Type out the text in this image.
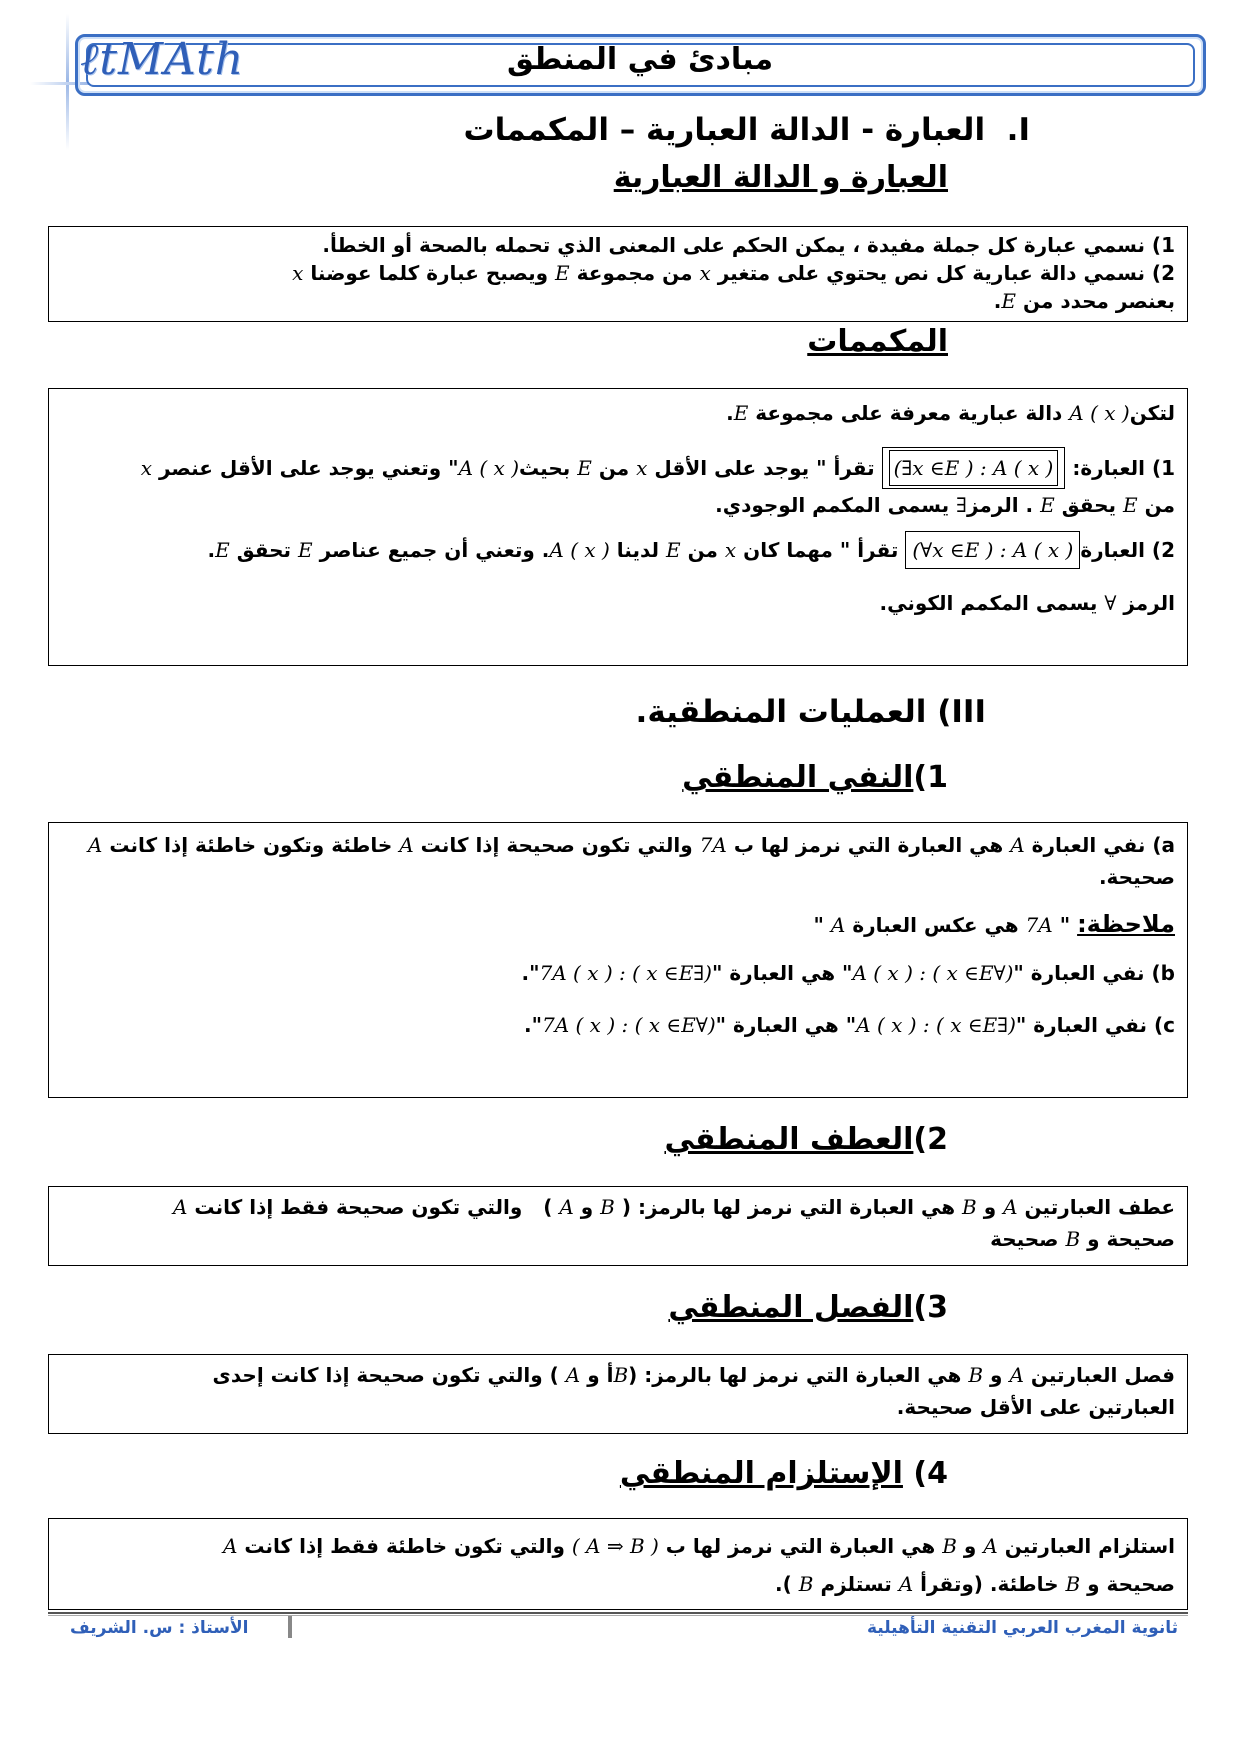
ℓtMAth	مبادئ في المنطق
I.  العبارة - الدالة العبارية – المكممات
العبارة و الدالة العبارية

1) نسمي عبارة كل جملة مفيدة ، يمكن الحكم على المعنى الذي تحمله بالصحة أو الخطأ.

2) نسمي دالة عبارية كل نص يحتوي على متغير x من مجموعة E ويصبح عبارة كلما عوضنا x

بعنصر محدد من E.

المكممات

لتكنA ( x ) دالة عبارية معرفة على مجموعة E.

1) العبارة: (∃x ∈E ) : A ( x ) تقرأ " يوجد على الأقل x من E بحيثA ( x )" وتعني يوجد على الأقل عنصر x

من E يحقق E . الرمز∃ يسمى المكمم الوجودي.

2) العبارة(∀x ∈E ) : A ( x ) تقرأ " مهما كان x من E لدينا A ( x ). وتعني أن جميع عناصر E تحقق E.

الرمز ∀ يسمى المكمم الكوني.

III) العمليات المنطقية.
1)النفي المنطقي

a) نفي العبارة A هي العبارة التي نرمز لها ب 7A والتي تكون صحيحة إذا كانت A خاطئة وتكون خاطئة إذا كانت A صحيحة.

ملاحظة: " 7A هي عكس العبارة A "

b) نفي العبارة "(∀x ∈E ) : A ( x )" هي العبارة "(∃x ∈E ) : 7A ( x )".

c) نفي العبارة "(∃x ∈E ) : A ( x )" هي العبارة "(∀x ∈E ) : 7A ( x )".

2)العطف المنطقي

عطف العبارتين A و B هي العبارة التي نرمز لها بالرمز: ( B و A )   والتي تكون صحيحة فقط إذا كانت A

صحيحة و B صحيحة

3)الفصل المنطقي

فصل العبارتين A و B هي العبارة التي نرمز لها بالرمز: (Bأ و A ) والتي تكون صحيحة إذا كانت إحدى

العبارتين على الأقل صحيحة.

4) الإستلزام المنطقي

استلزام العبارتين A و B هي العبارة التي نرمز لها ب ( A ⇒ B ) والتي تكون خاطئة فقط إذا كانت A

صحيحة و B خاطئة. (وتقرأ A تستلزم B ).

الأستاذ : س. الشريف	ثانوية المغرب العربي التقنية التأهيلية
